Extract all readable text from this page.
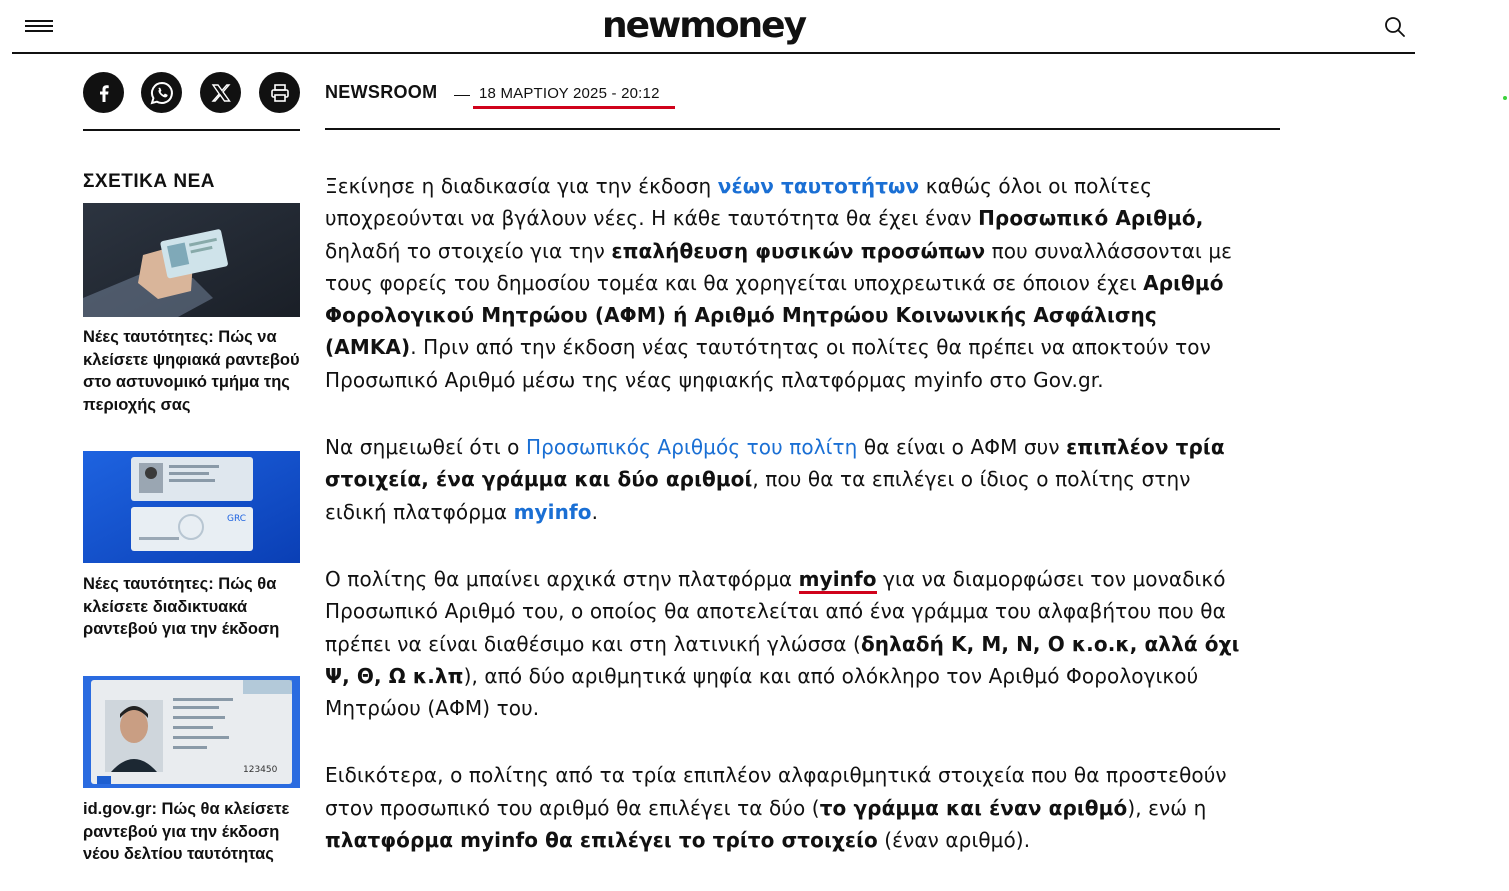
newmoney
NEWSROOM	18 ΜΑΡΤΙΟΥ 2025 - 20:12
ΣΧΕΤΙΚΑ ΝΕΑ
Νέες ταυτότητες: Πώς να κλείσετε ψηφιακά ραντεβού στο αστυνομικό τμήμα της περιοχής σας
GRC
Νέες ταυτότητες: Πώς θα κλείσετε διαδικτυακά ραντεβού για την έκδοση
123450
id.gov.gr: Πώς θα κλείσετε ραντεβού για την έκδοση νέου δελτίου ταυτότητας

Ξεκίνησε η διαδικασία για την έκδοση νέων ταυτοτήτων καθώς όλοι οι πολίτες υποχρεούνται να βγάλουν νέες. Η κάθε ταυτότητα θα έχει έναν Προσωπικό Αριθμό, δηλαδή το στοιχείο για την επαλήθευση φυσικών προσώπων που συναλλάσσονται με τους φορείς του δημοσίου τομέα και θα χορηγείται υποχρεωτικά σε όποιον έχει Αριθμό Φορολογικού Μητρώου (ΑΦΜ) ή Αριθμό Μητρώου Κοινωνικής Ασφάλισης (ΑΜΚΑ). Πριν από την έκδοση νέας ταυτότητας οι πολίτες θα πρέπει να αποκτούν τον Προσωπικό Αριθμό μέσω της νέας ψηφιακής πλατφόρμας myinfo στο Gov.gr.

Να σημειωθεί ότι ο Προσωπικός Αριθμός του πολίτη θα είναι ο ΑΦΜ συν επιπλέον τρία στοιχεία, ένα γράμμα και δύο αριθμοί, που θα τα επιλέγει ο ίδιος ο πολίτης στην ειδική πλατφόρμα myinfo.

Ο πολίτης θα μπαίνει αρχικά στην πλατφόρμα myinfo για να διαμορφώσει τον μοναδικό Προσωπικό Αριθμό του, ο οποίος θα αποτελείται από ένα γράμμα του αλφαβήτου που θα πρέπει να είναι διαθέσιμο και στη λατινική γλώσσα (δηλαδή Κ, Μ, Ν, Ο κ.ο.κ, αλλά όχι Ψ, Θ, Ω κ.λπ), από δύο αριθμητικά ψηφία και από ολόκληρο τον Αριθμό Φορολογικού Μητρώου (ΑΦΜ) του.

Ειδικότερα, ο πολίτης από τα τρία επιπλέον αλφαριθμητικά στοιχεία που θα προστεθούν στον προσωπικό του αριθμό θα επιλέγει τα δύο (το γράμμα και έναν αριθμό), ενώ η πλατφόρμα myinfo θα επιλέγει το τρίτο στοιχείο (έναν αριθμό).
